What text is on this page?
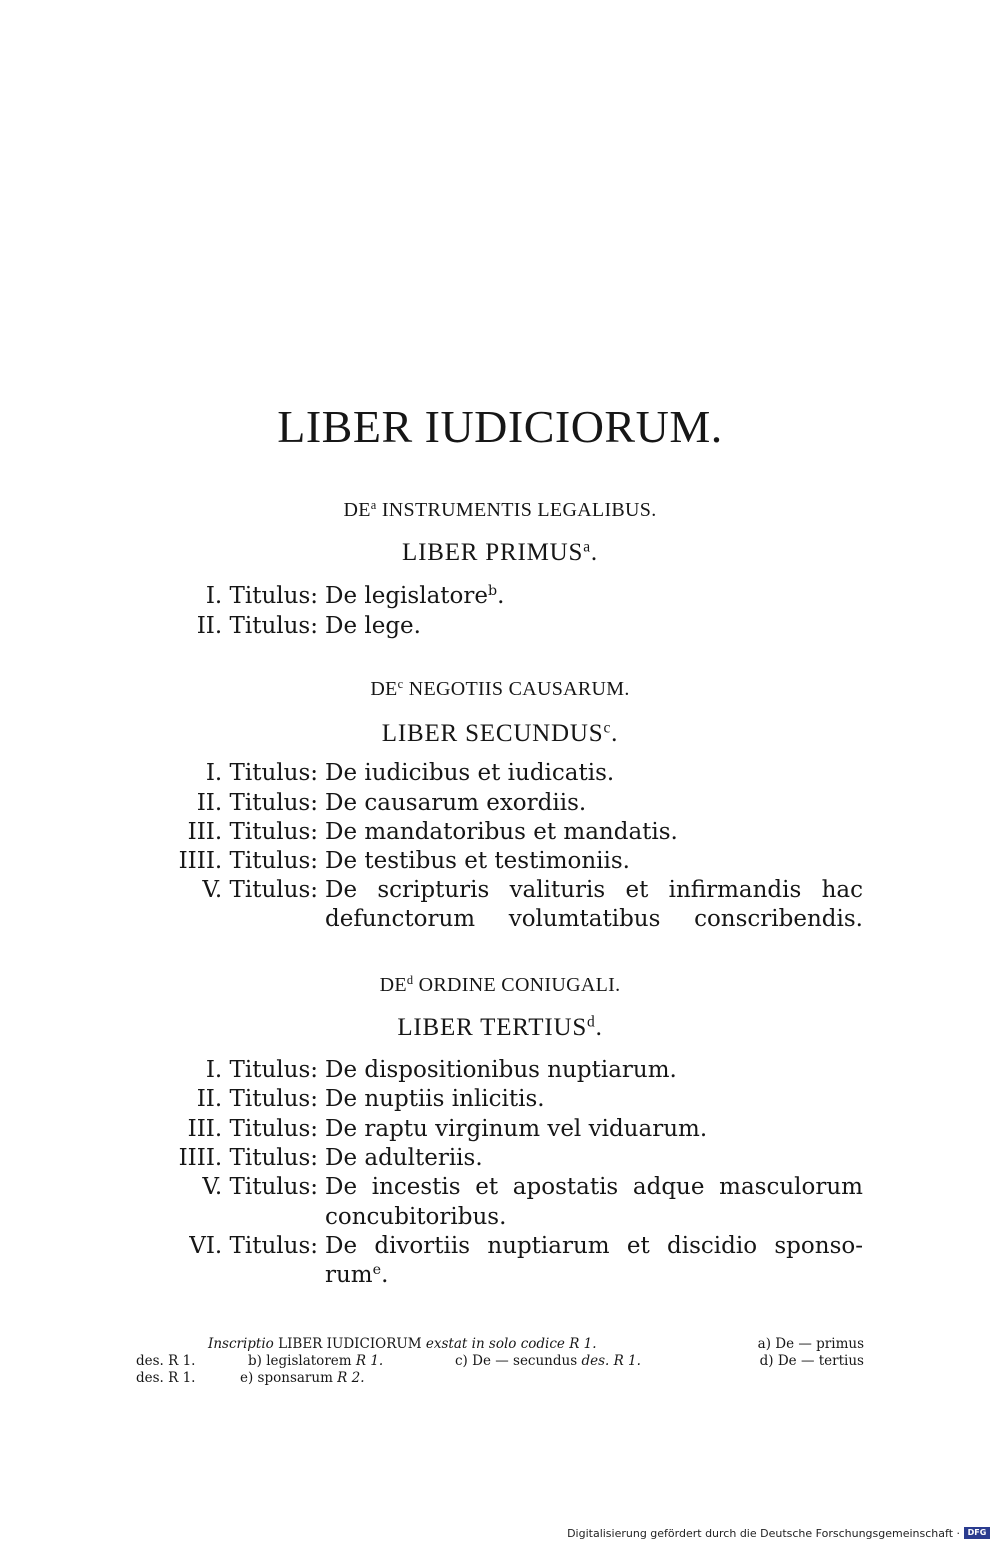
LIBER IUDICIORUM.
$DE^a$ INSTRUMENTIS LEGALIBUS.
LIBER PRIMUS$^a$.
I. Titulus: De legislatore$^b$.
II. Titulus: De lege.
$DE^c$ NEGOTIIS CAUSARUM.
LIBER SECUNDUS$^c$.
I. Titulus: De iudicibus et iudicatis.
II. Titulus: De causarum exordiis.
III. Titulus: De mandatoribus et mandatis.
IIII. Titulus: De testibus et testimoniis.
V. Titulus: De scripturis valituris et infirmandis hac
defunctorum volumtatibus conscribendis.
$DE^d$ ORDINE CONIUGALI.
LIBER TERTIUS$^d$.
I. Titulus: De dispositionibus nuptiarum.
II. Titulus: De nuptiis inlicitis.
III. Titulus: De raptu virginum vel viduarum.
IIII. Titulus: De adulteriis.
V. Titulus: De incestis et apostatis adque masculorum
concubitoribus.
VI. Titulus: De divortiis nuptiarum et discidio sponso-
rum$^e$.
Inscriptio LIBER IUDICIORUM exstat in solo codice R 1.	a) De — primus
des. R 1.	b) legislatorem R 1.	c) De — secundus des. R 1.	d) De — tertius
des. R 1.	e) sponsarum R 2.
Digitalisierung gefördert durch die Deutsche Forschungsgemeinschaft · DFG
